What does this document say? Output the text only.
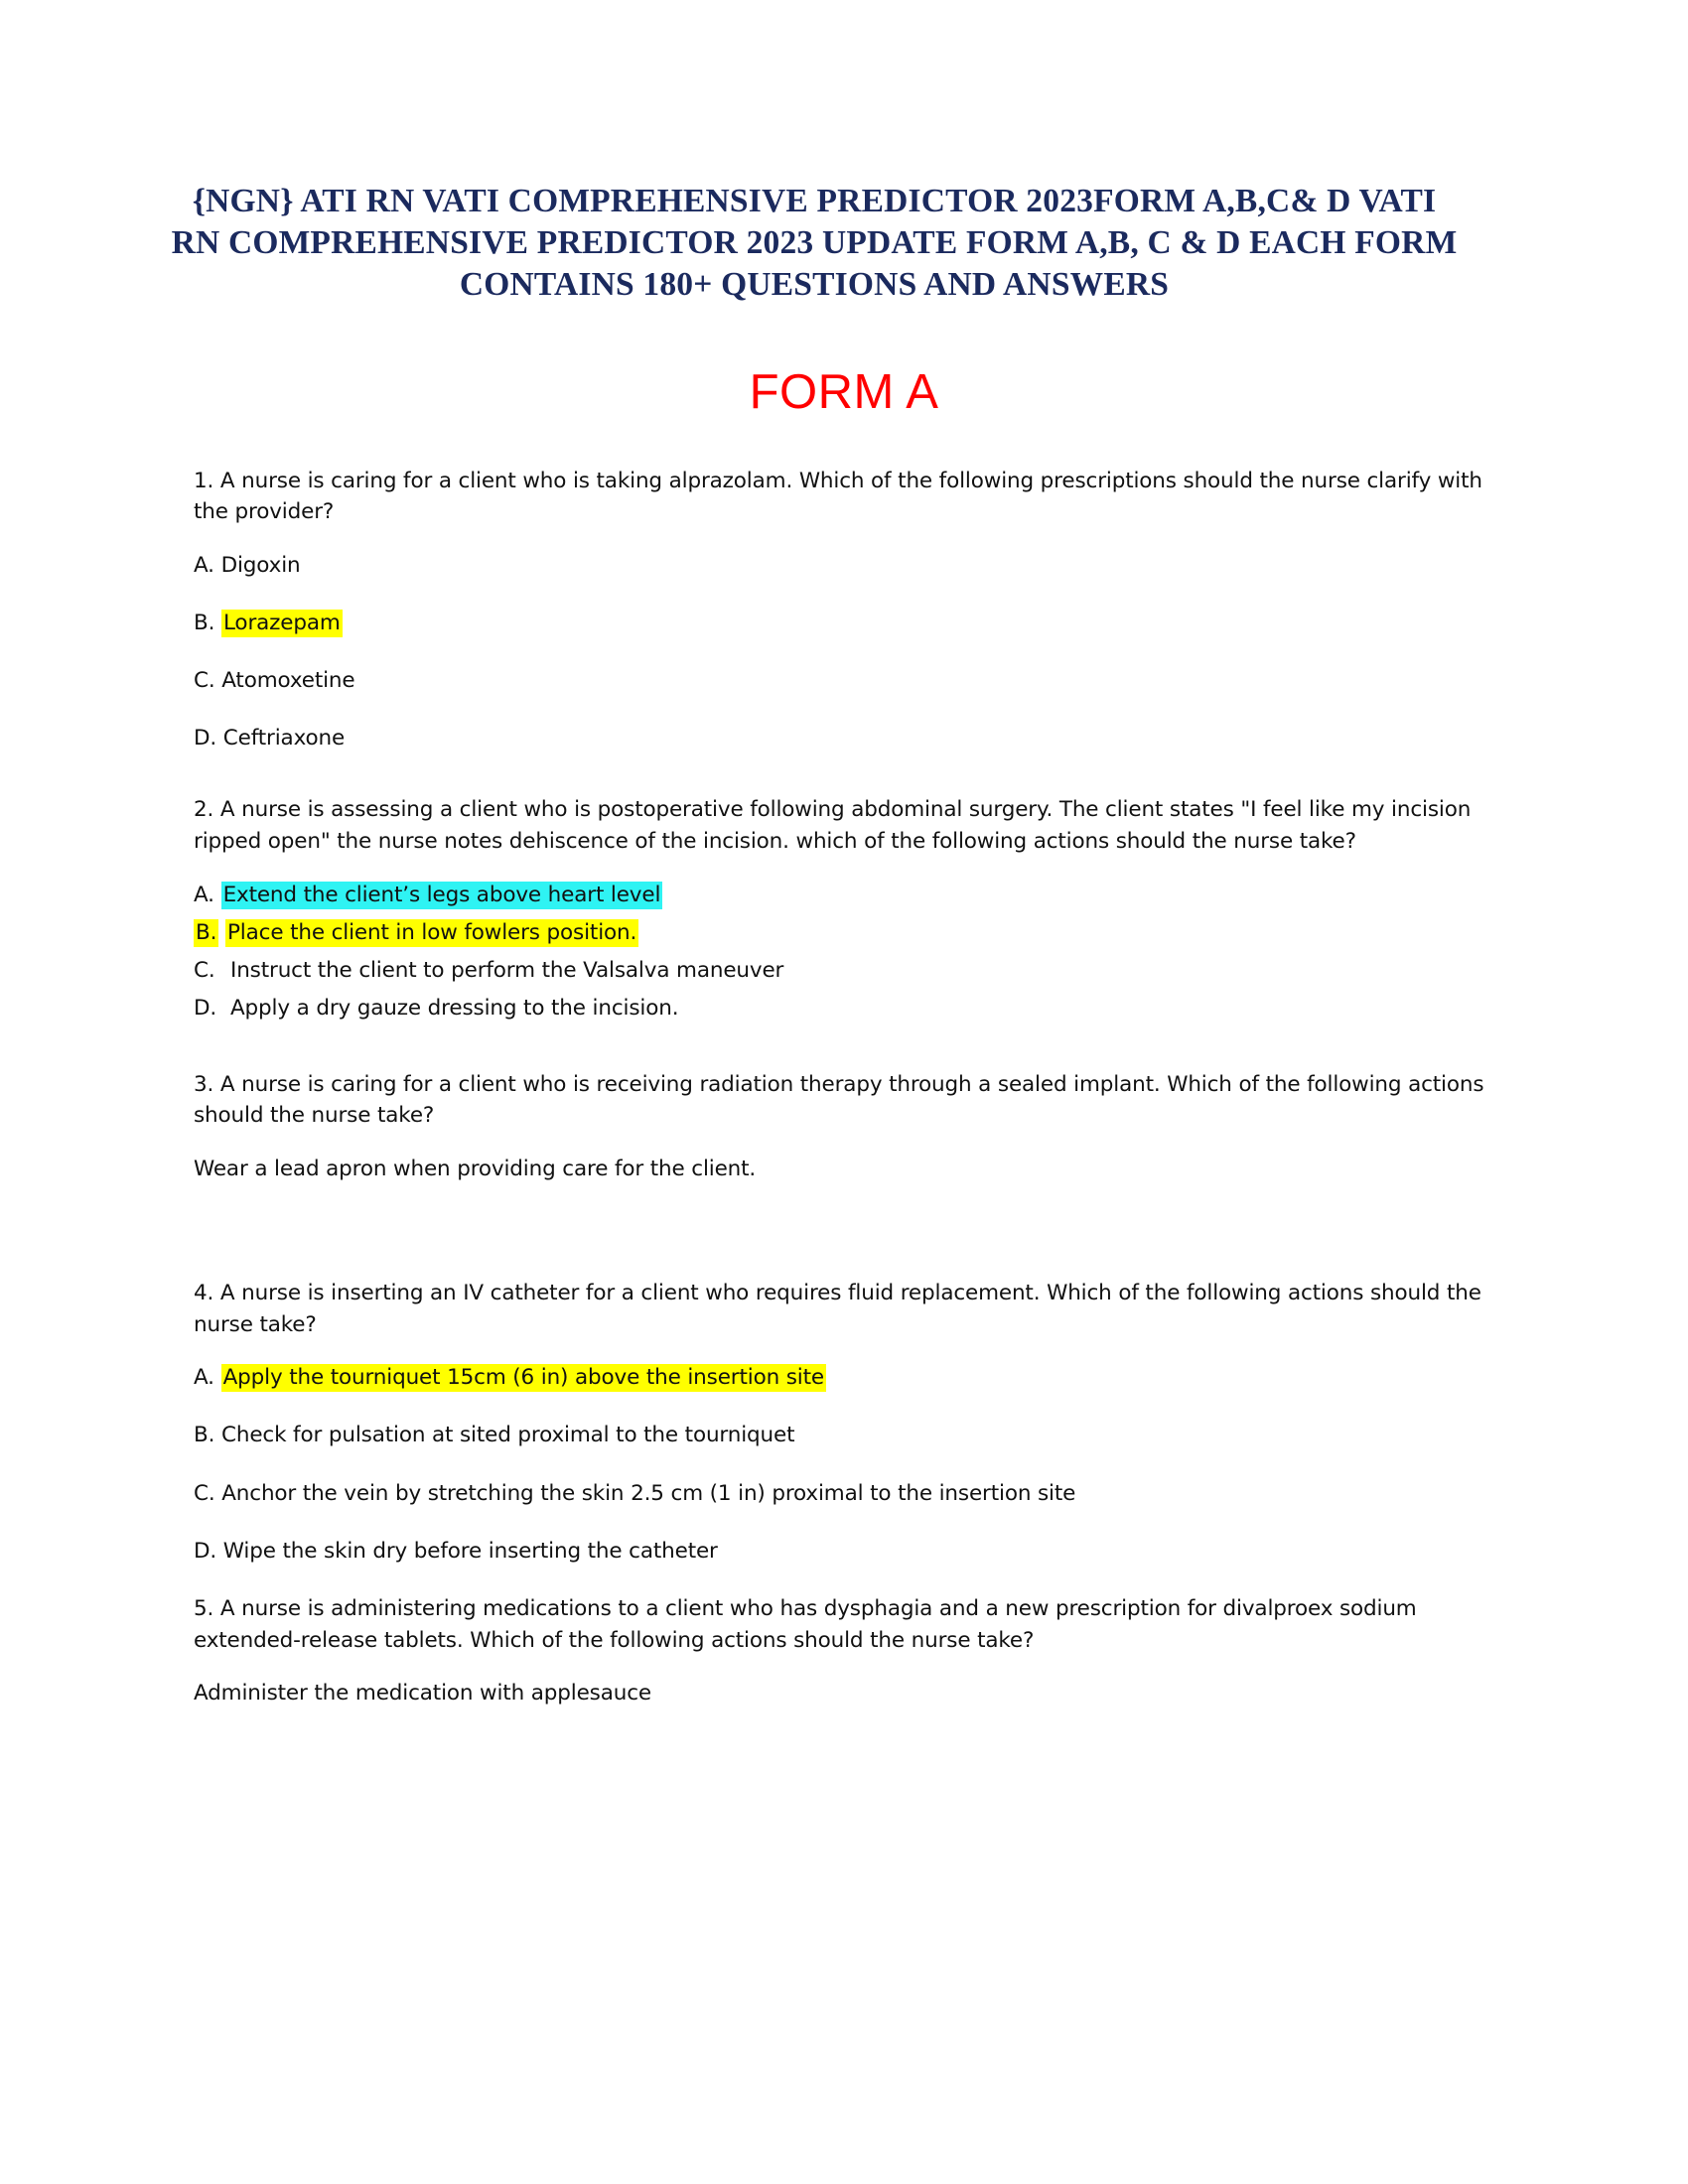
{NGN} ATI RN VATI COMPREHENSIVE PREDICTOR 2023FORM A,B,C& D VATI RN COMPREHENSIVE PREDICTOR 2023 UPDATE FORM A,B, C & D EACH FORM CONTAINS 180+ QUESTIONS AND ANSWERS
FORM A

1. A nurse is caring for a client who is taking alprazolam. Which of the following prescriptions should the nurse clarify with the provider?

A. Digoxin

B. Lorazepam

C. Atomoxetine

D. Ceftriaxone

2. A nurse is assessing a client who is postoperative following abdominal surgery. The client states "I feel like my incision ripped open" the nurse notes dehiscence of the incision. which of the following actions should the nurse take?

A. Extend the client’s legs above heart level

B. Place the client in low fowlers position.

C. Instruct the client to perform the Valsalva maneuver

D. Apply a dry gauze dressing to the incision.

3. A nurse is caring for a client who is receiving radiation therapy through a sealed implant. Which of the following actions should the nurse take?

Wear a lead apron when providing care for the client.

4. A nurse is inserting an IV catheter for a client who requires fluid replacement. Which of the following actions should the nurse take?

A. Apply the tourniquet 15cm (6 in) above the insertion site

B. Check for pulsation at sited proximal to the tourniquet

C. Anchor the vein by stretching the skin 2.5 cm (1 in) proximal to the insertion site

D. Wipe the skin dry before inserting the catheter

5. A nurse is administering medications to a client who has dysphagia and a new prescription for divalproex sodium extended-release tablets. Which of the following actions should the nurse take?

Administer the medication with applesauce
